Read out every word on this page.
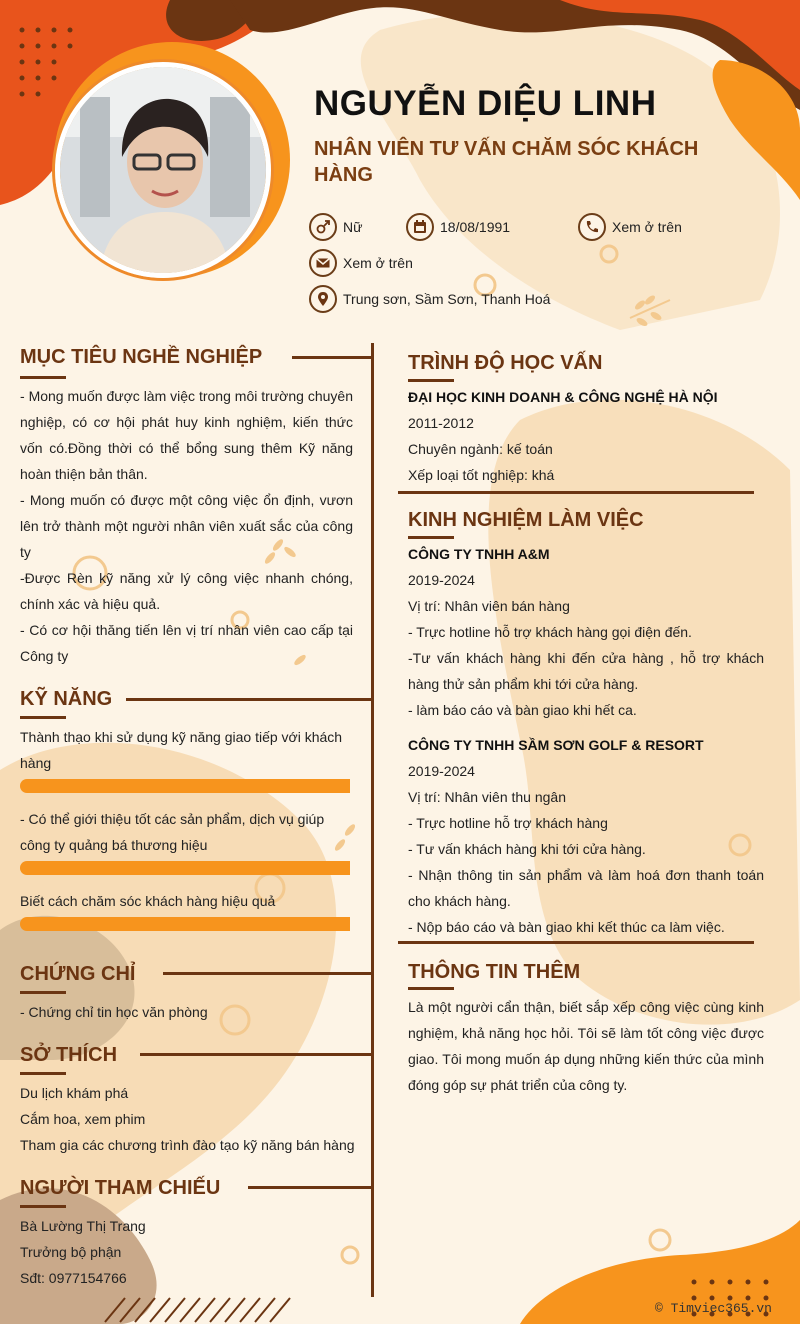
NGUYỄN DIỆU LINH
NHÂN VIÊN TƯ VẤN CHĂM SÓC KHÁCH HÀNG
Nữ	18/08/1991	Xem ở trên
Xem ở trên
Trung sơn, Sầm Sơn, Thanh Hoá
MỤC TIÊU NGHỀ NGHIỆP

- Mong muốn được làm việc trong môi trường chuyên nghiệp, có cơ hội phát huy kinh nghiệm, kiến thức vốn có.Đồng thời có thể bổng sung thêm Kỹ năng hoàn thiện bản thân.

- Mong muốn có được một công việc ổn định, vươn lên trở thành một người nhân viên xuất sắc của công ty

-Được Rèn kỹ năng xử lý công việc nhanh chóng, chính xác và hiệu quả.

- Có cơ hội thăng tiến lên vị trí nhân viên cao cấp tại Công ty

KỸ NĂNG

Thành thạo khi sử dụng kỹ năng giao tiếp với khách hàng

- Có thể giới thiệu tốt các sản phẩm, dịch vụ giúp công ty quảng bá thương hiệu

Biết cách chăm sóc khách hàng hiệu quả

CHỨNG CHỈ

- Chứng chỉ tin học văn phòng

SỞ THÍCH

Du lịch khám phá

Cắm hoa, xem phim

Tham gia các chương trình đào tạo kỹ năng bán hàng

NGƯỜI THAM CHIẾU

Bà Lường Thị Trang

Trưởng bộ phận

Sđt: 0977154766

TRÌNH ĐỘ HỌC VẤN

ĐẠI HỌC KINH DOANH & CÔNG NGHỆ HÀ NỘI

2011-2012

Chuyên ngành: kế toán

Xếp loại tốt nghiệp: khá

KINH NGHIỆM LÀM VIỆC

CÔNG TY TNHH A&M

2019-2024

Vị trí: Nhân viên bán hàng

- Trực hotline hỗ trợ khách hàng gọi điện đến.

-Tư vấn khách hàng khi đến cửa hàng , hỗ trợ khách hàng thử sản phẩm khi tới cửa hàng.

- làm báo cáo và bàn giao khi hết ca.

CÔNG TY TNHH SẦM SƠN GOLF & RESORT

2019-2024

Vị trí: Nhân viên thu ngân

- Trực hotline hỗ trợ khách hàng

- Tư vấn khách hàng khi tới cửa hàng.

- Nhận thông tin sản phẩm và làm hoá đơn thanh toán cho khách hàng.

- Nộp báo cáo và bàn giao khi kết thúc ca làm việc.

THÔNG TIN THÊM

Là một người cẩn thận, biết sắp xếp công việc cùng kinh nghiệm, khả năng học hỏi. Tôi sẽ làm tốt công việc được giao. Tôi mong muốn áp dụng những kiến thức của mình đóng góp sự phát triển của công ty.

© Timviec365.vn
